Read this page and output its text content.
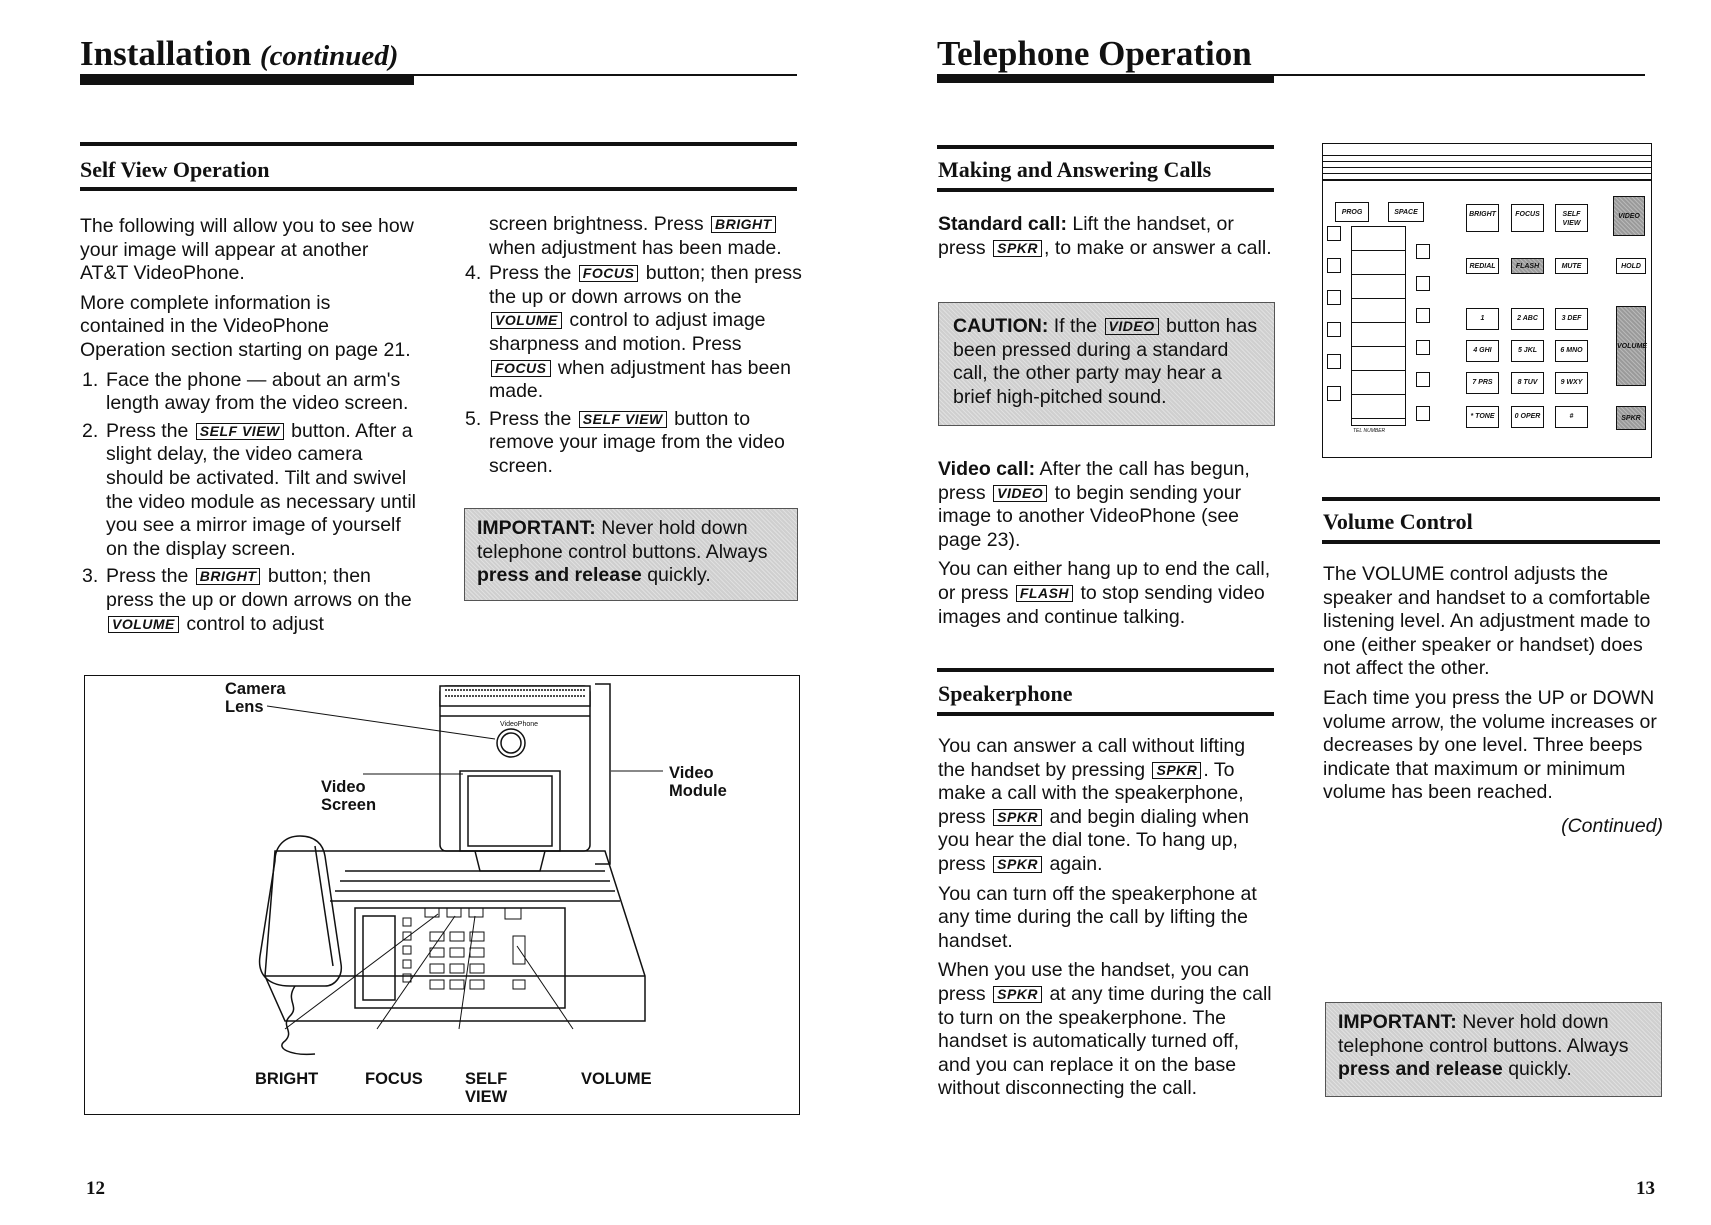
Installation (continued)
Self View Operation

The following will allow you to see how your image will appear at another AT&T VideoPhone.

More complete information is contained in the VideoPhone Operation section starting on page 21.

1. Face the phone — about an arm's length away from the video screen.
2. Press the SELF VIEW button. After a slight delay, the video camera should be activated. Tilt and swivel the video module as necessary until you see a mirror image of yourself on the display screen.
3. Press the BRIGHT button; then press the up or down arrows on the VOLUME control to adjust
screen brightness. Press BRIGHT when adjustment has been made.
4. Press the FOCUS button; then press the up or down arrows on the VOLUME control to adjust image sharpness and motion. Press FOCUS when adjustment has been made.
5. Press the SELF VIEW button to remove your image from the video screen.
IMPORTANT: Never hold down telephone control buttons. Always press and release quickly.
VideoPhone
Camera Lens
Video Screen
Video Module
BRIGHT	FOCUS	SELF VIEW
VOLUME
12
Telephone Operation
Making and Answering Calls
Standard call: Lift the handset, or press SPKR , to make or answer a call.
CAUTION: If the VIDEO button has been pressed during a standard call, the other party may hear a brief high-pitched sound.

Video call: After the call has begun, press VIDEO to begin sending your image to another VideoPhone (see page 23).

You can either hang up to end the call, or press FLASH to stop sending video images and continue talking.

Speakerphone

You can answer a call without lifting the handset by pressing SPKR . To make a call with the speakerphone, press SPKR and begin dialing when you hear the dial tone. To hang up, press SPKR again.

You can turn off the speakerphone at any time during the call by lifting the handset.

When you use the handset, you can press SPKR at any time during the call to turn on the speakerphone. The handset is automatically turned off, and you can replace it on the base without disconnecting the call.

PROG	SPACE	BRIGHT	FOCUS	SELF VIEW
VIDEO
TEL NUMBER
REDIAL	FLASH	MUTE	HOLD
1	2 ABC	3 DEF
4 GHI	5 JKL	6 MNO
7 PRS	8 TUV	9 WXY
* TONE	0 OPER	#
VOLUME
SPKR
Volume Control

The VOLUME control adjusts the speaker and handset to a comfortable listening level. An adjustment made to one (either speaker or handset) does not affect the other.

Each time you press the UP or DOWN volume arrow, the volume increases or decreases by one level. Three beeps indicate that maximum or minimum volume has been reached.

(Continued)

IMPORTANT: Never hold down telephone control buttons. Always press and release quickly.
13
